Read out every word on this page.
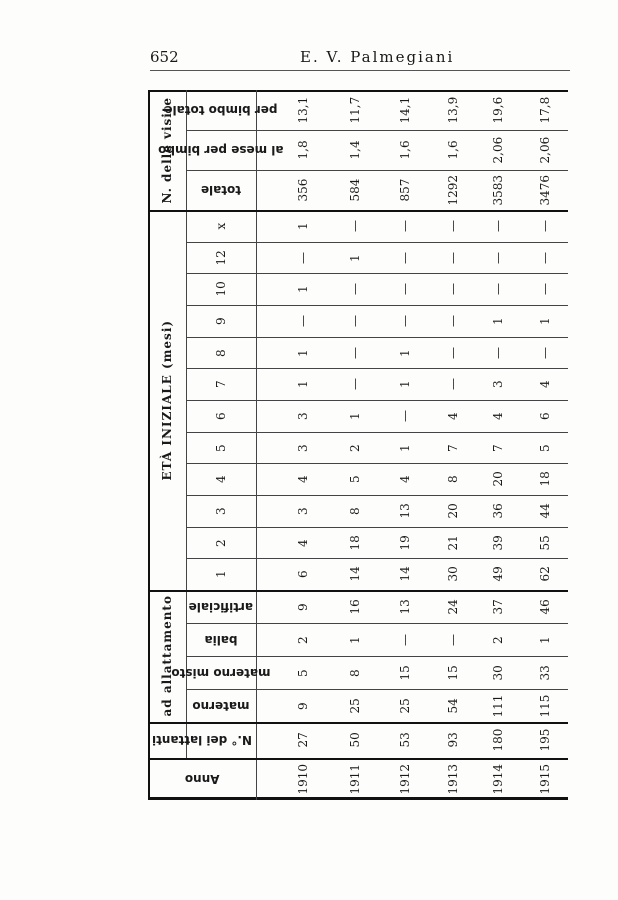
652	E. V. Palmegiani
per bimbo totale
al mese per bimbo
totale
N. delle visite
x
12
10
9
8
7
6
5
4
3
2
1
ETÀ INIZIALE (mesi)
artificiale
balia
materno misto
materno
ad allattamento
N.° dei lattanti
Anno
13,1
1,8
356
1
—
1
—
1
1
3
3
4
3
4
6
9
2
5
9
27
1910
11,7
1,4
584
—
1
—
—
—
—
1
2
5
8
18
14
16
1
8
25
50
1911
14,1
1,6
857
—
—
—
—
1
1
—
1
4
13
19
14
13
—
15
25
53
1912
13,9
1,6
1292
—
—
—
—
—
—
4
7
8
20
21
30
24
—
15
54
93
1913
19,6
2,06
3583
—
—
—
1
—
3
4
7
20
36
39
49
37
2
30
111
180
1914
17,8
2,06
3476
—
—
—
1
—
4
6
5
18
44
55
62
46
1
33
115
195
1915
